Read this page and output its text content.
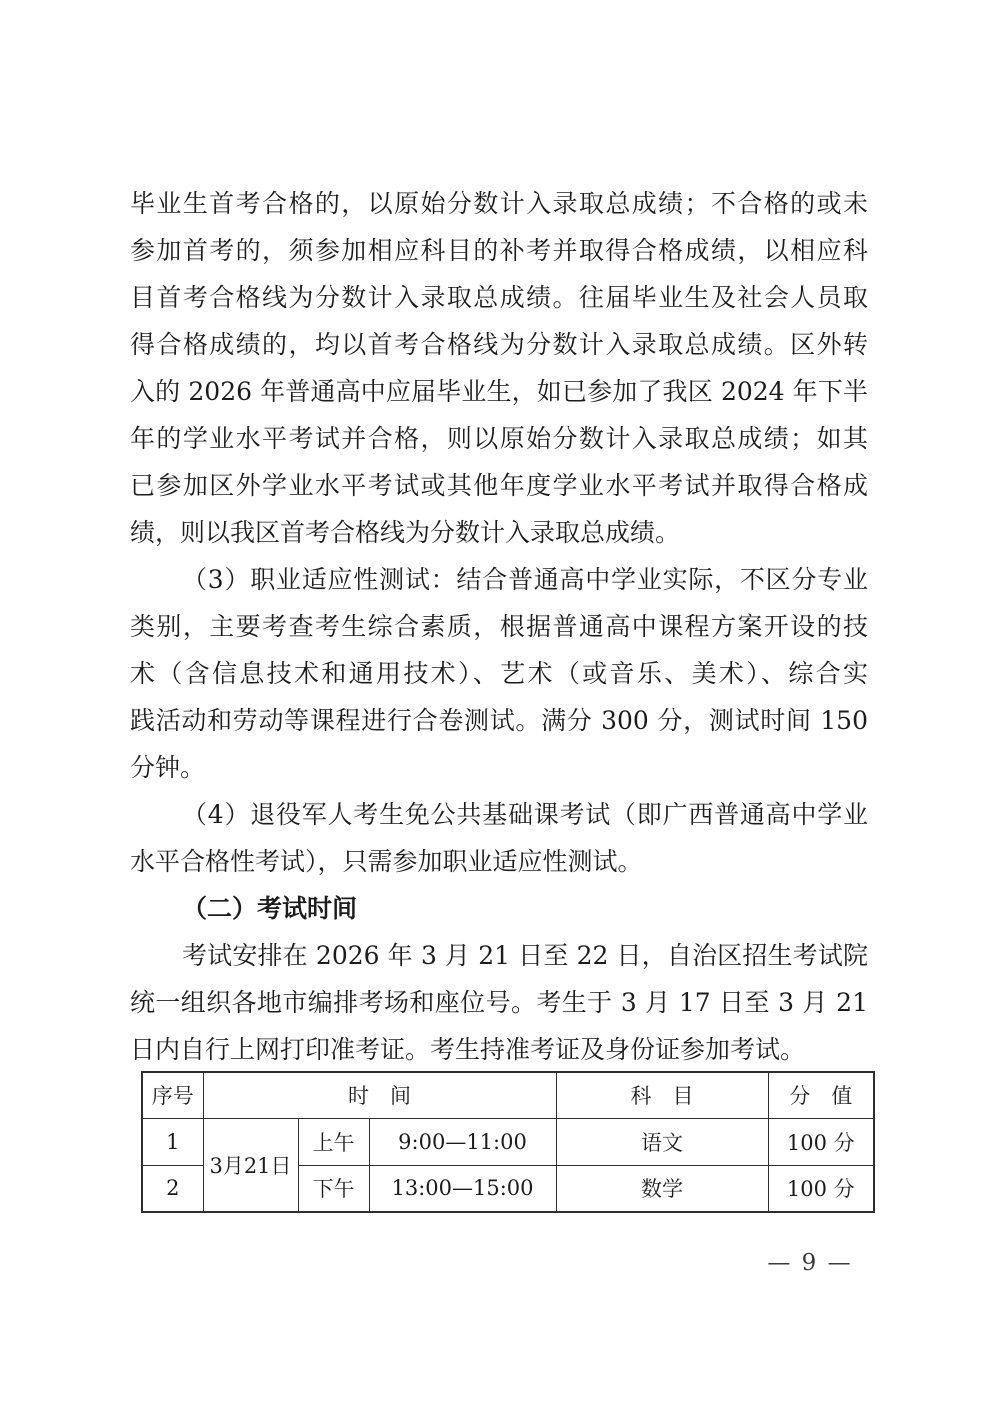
毕业生首考合格的，以原始分数计入录取总成绩；不合格的或未
参加首考的，须参加相应科目的补考并取得合格成绩，以相应科
目首考合格线为分数计入录取总成绩。往届毕业生及社会人员取
得合格成绩的，均以首考合格线为分数计入录取总成绩。区外转
入的 2026 年普通高中应届毕业生，如已参加了我区 2024 年下半
年的学业水平考试并合格，则以原始分数计入录取总成绩；如其
已参加区外学业水平考试或其他年度学业水平考试并取得合格成
绩，则以我区首考合格线为分数计入录取总成绩。
（3）职业适应性测试：结合普通高中学业实际，不区分专业
类别，主要考查考生综合素质，根据普通高中课程方案开设的技
术（含信息技术和通用技术）、艺术（或音乐、美术）、综合实
践活动和劳动等课程进行合卷测试。满分 300 分，测试时间 150
分钟。
（4）退役军人考生免公共基础课考试（即广西普通高中学业
水平合格性考试），只需参加职业适应性测试。
（二）考试时间
考试安排在 2026 年 3 月 21 日至 22 日，自治区招生考试院
统一组织各地市编排考场和座位号。考生于 3 月 17 日至 3 月 21
日内自行上网打印准考证。考生持准考证及身份证参加考试。
序号	时　间			科　目	分　值
1	3月21日	上午	9:00—11:00	语文	100 分
2		下午	13:00—15:00	数学	100 分
— 9 —
